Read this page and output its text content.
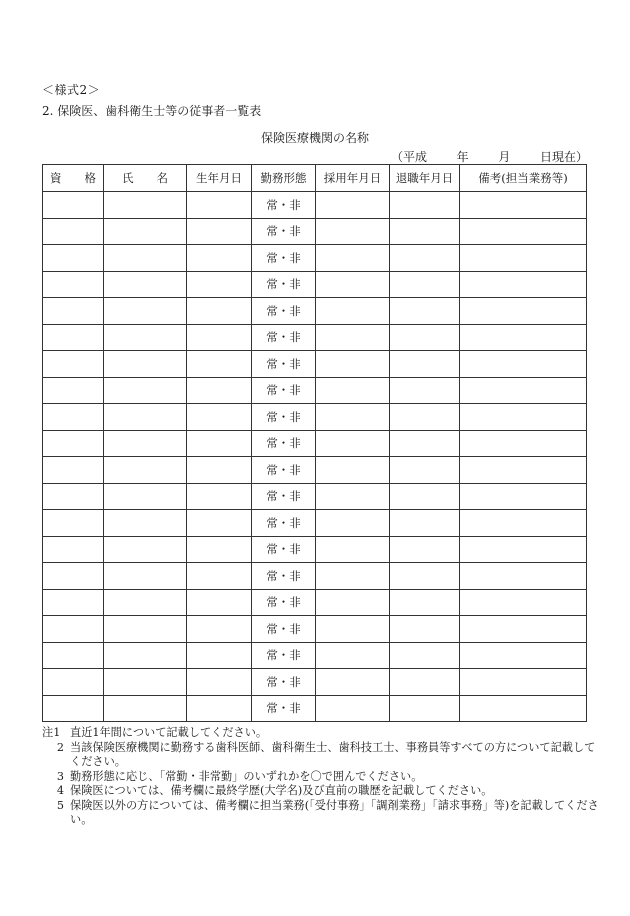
＜様式2＞
2. 保険医、歯科衛生士等の従事者一覧表
保険医療機関の名称
（平成 年 月 日現在）
資　　格	氏　　名	生年月日	勤務形態	採用年月日	退職年月日	備考(担当業務等)
			常・非			
			常・非			
			常・非			
			常・非			
			常・非			
			常・非			
			常・非			
			常・非			
			常・非			
			常・非			
			常・非			
			常・非			
			常・非			
			常・非			
			常・非			
			常・非			
			常・非			
			常・非			
			常・非			
			常・非			
注1 直近1年間について記載してください。
2 当該保険医療機関に勤務する歯科医師、歯科衛生士、歯科技工士、事務員等すべての方について記載してください。
3 勤務形態に応じ、「常勤・非常勤」のいずれかを〇で囲んでください。
4 保険医については、備考欄に最終学歴(大学名)及び直前の職歴を記載してください。
5 保険医以外の方については、備考欄に担当業務(「受付事務」「調剤業務」「請求事務」等)を記載してください。
